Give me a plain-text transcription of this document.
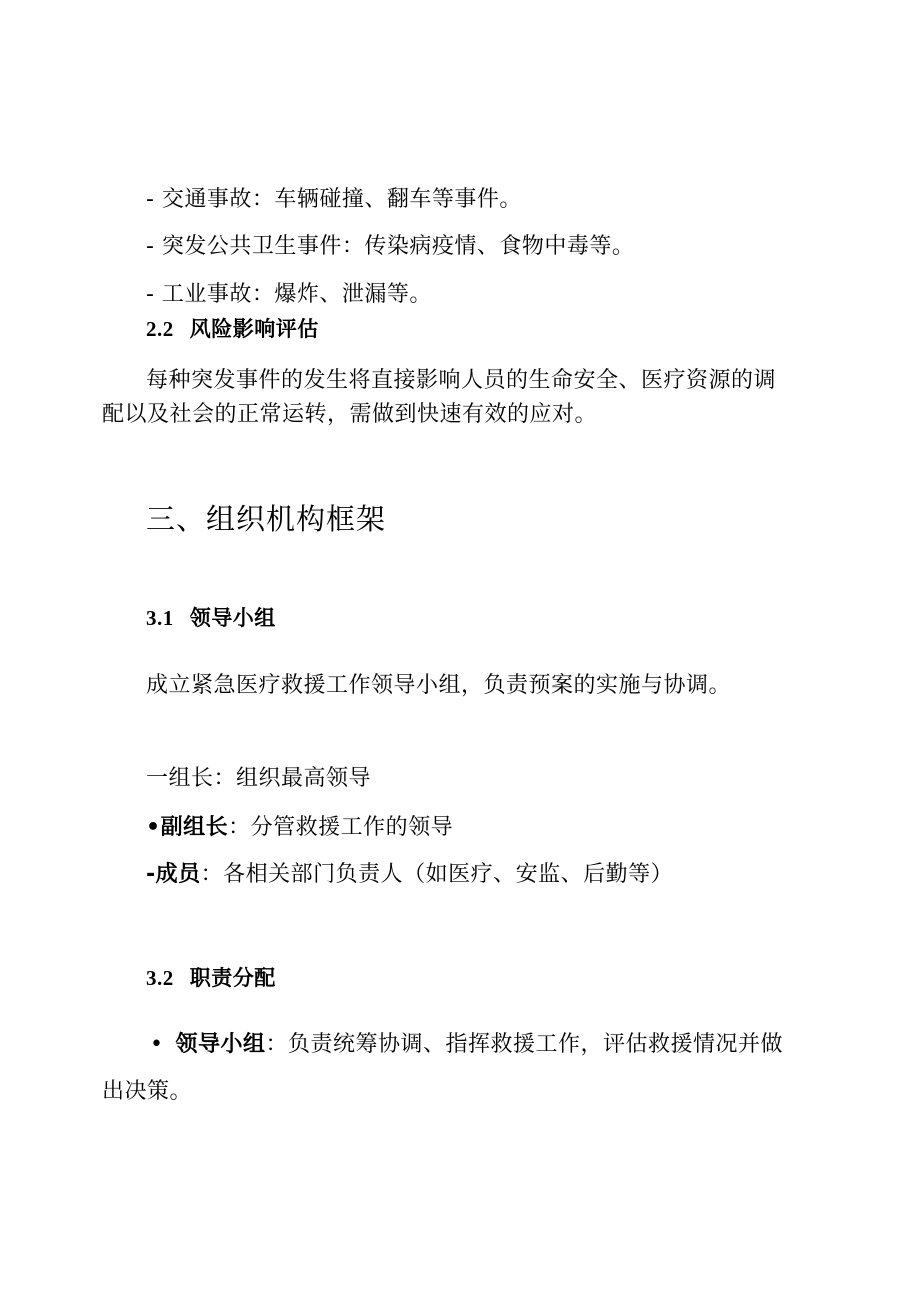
- 交通事故：车辆碰撞、翻车等事件。
- 突发公共卫生事件：传染病疫情、食物中毒等。
- 工业事故：爆炸、泄漏等。
2.2 风险影响评估
每种突发事件的发生将直接影响人员的生命安全、医疗资源的调
配以及社会的正常运转，需做到快速有效的应对。
三、组织机构框架
3.1 领导小组
成立紧急医疗救援工作领导小组，负责预案的实施与协调。
一组长：组织最高领导
•副组长：分管救援工作的领导
-成员：各相关部门负责人（如医疗、安监、后勤等）
3.2 职责分配
• 领导小组：负责统筹协调、指挥救援工作，评估救援情况并做
出决策。
